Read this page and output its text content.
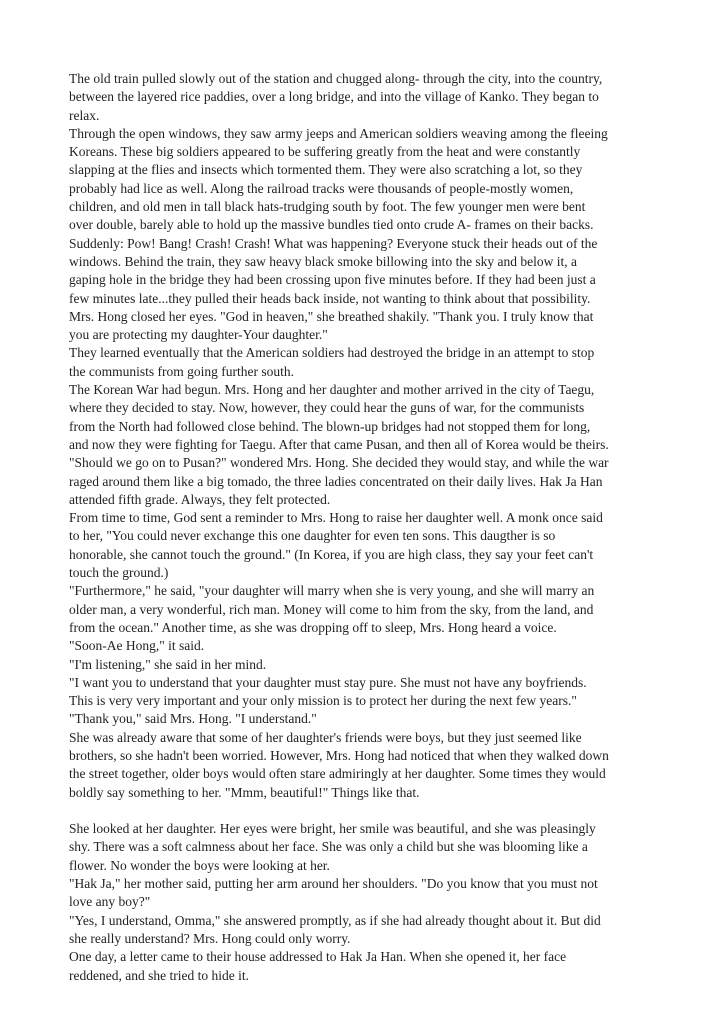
The old train pulled slowly out of the station and chugged along- through the city, into the country,
between the layered rice paddies, over a long bridge, and into the village of Kanko. They began to
relax.
Through the open windows, they saw army jeeps and American soldiers weaving among the fleeing
Koreans. These big soldiers appeared to be suffering greatly from the heat and were constantly
slapping at the flies and insects which tormented them. They were also scratching a lot, so they
probably had lice as well. Along the railroad tracks were thousands of people-mostly women,
children, and old men in tall black hats-trudging south by foot. The few younger men were bent
over double, barely able to hold up the massive bundles tied onto crude A- frames on their backs.
Suddenly: Pow! Bang! Crash! Crash! What was happening? Everyone stuck their heads out of the
windows. Behind the train, they saw heavy black smoke billowing into the sky and below it, a
gaping hole in the bridge they had been crossing upon five minutes before. If they had been just a
few minutes late...they pulled their heads back inside, not wanting to think about that possibility.
Mrs. Hong closed her eyes. "God in heaven," she breathed shakily. "Thank you. I truly know that
you are protecting my daughter-Your daughter."
They learned eventually that the American soldiers had destroyed the bridge in an attempt to stop
the communists from going further south.
The Korean War had begun. Mrs. Hong and her daughter and mother arrived in the city of Taegu,
where they decided to stay. Now, however, they could hear the guns of war, for the communists
from the North had followed close behind. The blown-up bridges had not stopped them for long,
and now they were fighting for Taegu. After that came Pusan, and then all of Korea would be theirs.
"Should we go on to Pusan?" wondered Mrs. Hong. She decided they would stay, and while the war
raged around them like a big tomado, the three ladies concentrated on their daily lives. Hak Ja Han
attended fifth grade. Always, they felt protected.
From time to time, God sent a reminder to Mrs. Hong to raise her daughter well. A monk once said
to her, "You could never exchange this one daughter for even ten sons. This daugther is so
honorable, she cannot touch the ground." (In Korea, if you are high class, they say your feet can't
touch the ground.)
"Furthermore," he said, "your daughter will marry when she is very young, and she will marry an
older man, a very wonderful, rich man. Money will come to him from the sky, from the land, and
from the ocean." Another time, as she was dropping off to sleep, Mrs. Hong heard a voice.
"Soon-Ae Hong," it said.
"I'm listening," she said in her mind.
"I want you to understand that your daughter must stay pure. She must not have any boyfriends.
This is very very important and your only mission is to protect her during the next few years."
"Thank you," said Mrs. Hong. "I understand."
She was already aware that some of her daughter's friends were boys, but they just seemed like
brothers, so she hadn't been worried. However, Mrs. Hong had noticed that when they walked down
the street together, older boys would often stare admiringly at her daughter. Some times they would
boldly say something to her. "Mmm, beautiful!" Things like that.
She looked at her daughter. Her eyes were bright, her smile was beautiful, and she was pleasingly
shy. There was a soft calmness about her face. She was only a child but she was blooming like a
flower. No wonder the boys were looking at her.
"Hak Ja," her mother said, putting her arm around her shoulders. "Do you know that you must not
love any boy?"
"Yes, I understand, Omma," she answered promptly, as if she had already thought about it. But did
she really understand? Mrs. Hong could only worry.
One day, a letter came to their house addressed to Hak Ja Han. When she opened it, her face
reddened, and she tried to hide it.
